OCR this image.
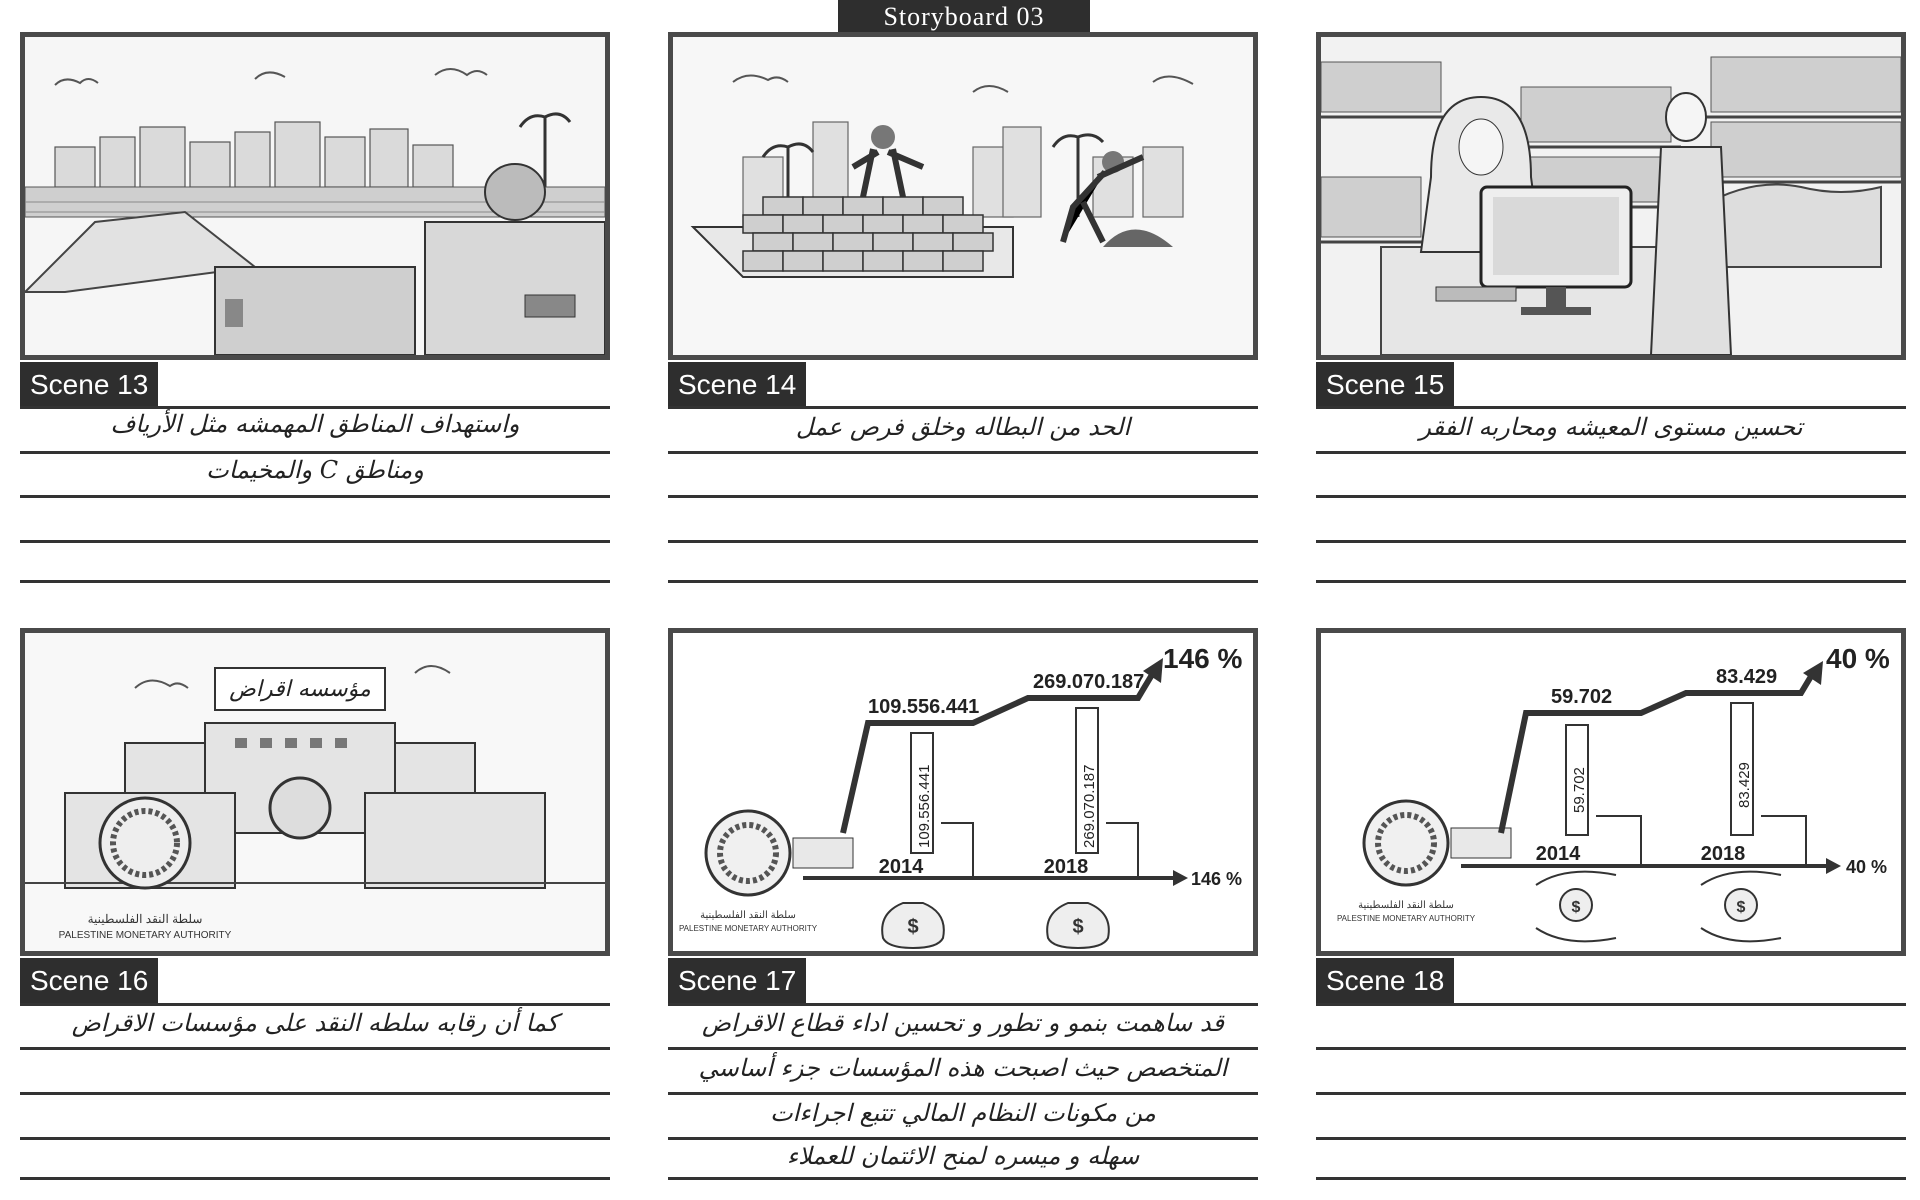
Storyboard 03
Scene 13
واستهداف المناطق المهمشه مثل الأرياف
ومناطق C والمخيمات
Scene 14
الحد من البطاله وخلق فرص عمل
Scene 15
تحسين مستوى المعيشه ومحاربه الفقر
مؤسسه اقراض
سلطة النقد الفلسطينية
PALESTINE MONETARY AUTHORITY
Scene 16
كما أن رقابه سلطه النقد على مؤسسات الاقراض
$	$
109.556.441
269.070.187
146 %
109.556.441	269.070.187
2014	2018
146 %
سلطة النقد الفلسطينية
PALESTINE MONETARY AUTHORITY
Scene 17
قد ساهمت بنمو و تطور و تحسين اداء قطاع الاقراض
المتخصص حيث اصبحت هذه المؤسسات جزء أساسي
من مكونات النظام المالي تتبع اجراءات
سهله و ميسره لمنح الائتمان للعملاء
$	$
59.702
83.429
40 %
59.702	83.429
2014	2018
40 %
سلطة النقد الفلسطينية
PALESTINE MONETARY AUTHORITY
Scene 18
